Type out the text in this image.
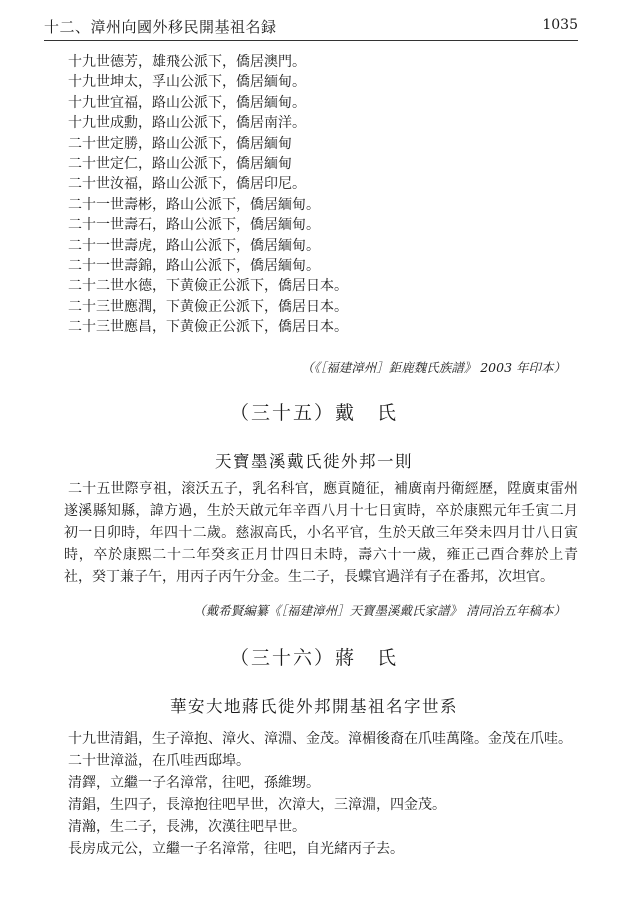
十二、漳州向國外移民開基祖名録	1035
十九世德芳，雄飛公派下，僑居澳門。
十九世坤太，孚山公派下，僑居緬甸。
十九世宜福，路山公派下，僑居緬甸。
十九世成勳，路山公派下，僑居南洋。
二十世定勝，路山公派下，僑居緬甸
二十世定仁，路山公派下，僑居緬甸
二十世汝福，路山公派下，僑居印尼。
二十一世壽彬，路山公派下，僑居緬甸。
二十一世壽石，路山公派下，僑居緬甸。
二十一世壽虎，路山公派下，僑居緬甸。
二十一世壽錦，路山公派下，僑居緬甸。
二十二世水德，下黄儉正公派下，僑居日本。
二十三世應潤，下黄儉正公派下，僑居日本。
二十三世應昌，下黄儉正公派下，僑居日本。
（《［福建漳州］鉅鹿魏氏族譜》 2003 年印本）
（三十五）戴　氏
天寶墨溪戴氏徙外邦一則

二十五世際亨祖，滚沃五子，乳名科官，應貢隨征，補廣南丹衛經歷，陞廣東雷州遂溪縣知縣，諱方過，生於天啟元年辛酉八月十七日寅時，卒於康熙元年壬寅二月初一日卯時，年四十二歲。慈淑高氏，小名平官，生於天啟三年癸未四月廿八日寅時，卒於康熙二十二年癸亥正月廿四日未時，壽六十一歲，雍正己酉合葬於上青社，癸丁兼子午，用丙子丙午分金。生二子，長蝶官過洋有子在番邦，次坦官。

（戴希賢編纂《［福建漳州］天寶墨溪戴氏家譜》 清同治五年稿本）
（三十六）蔣　氏
華安大地蔣氏徙外邦開基祖名字世系
十九世清錩，生子漳抱、漳火、漳淵、金茂。漳楣後裔在爪哇萬隆。金茂在爪哇。
二十世漳溢，在爪哇西邸埠。
清鐸，立繼一子名漳常，往吧，孫維甥。
清錩，生四子，長漳抱往吧早世，次漳大，三漳淵，四金茂。
清瀚，生二子，長沸，次漢往吧早世。
長房成元公，立繼一子名漳常，往吧，自光緒丙子去。
